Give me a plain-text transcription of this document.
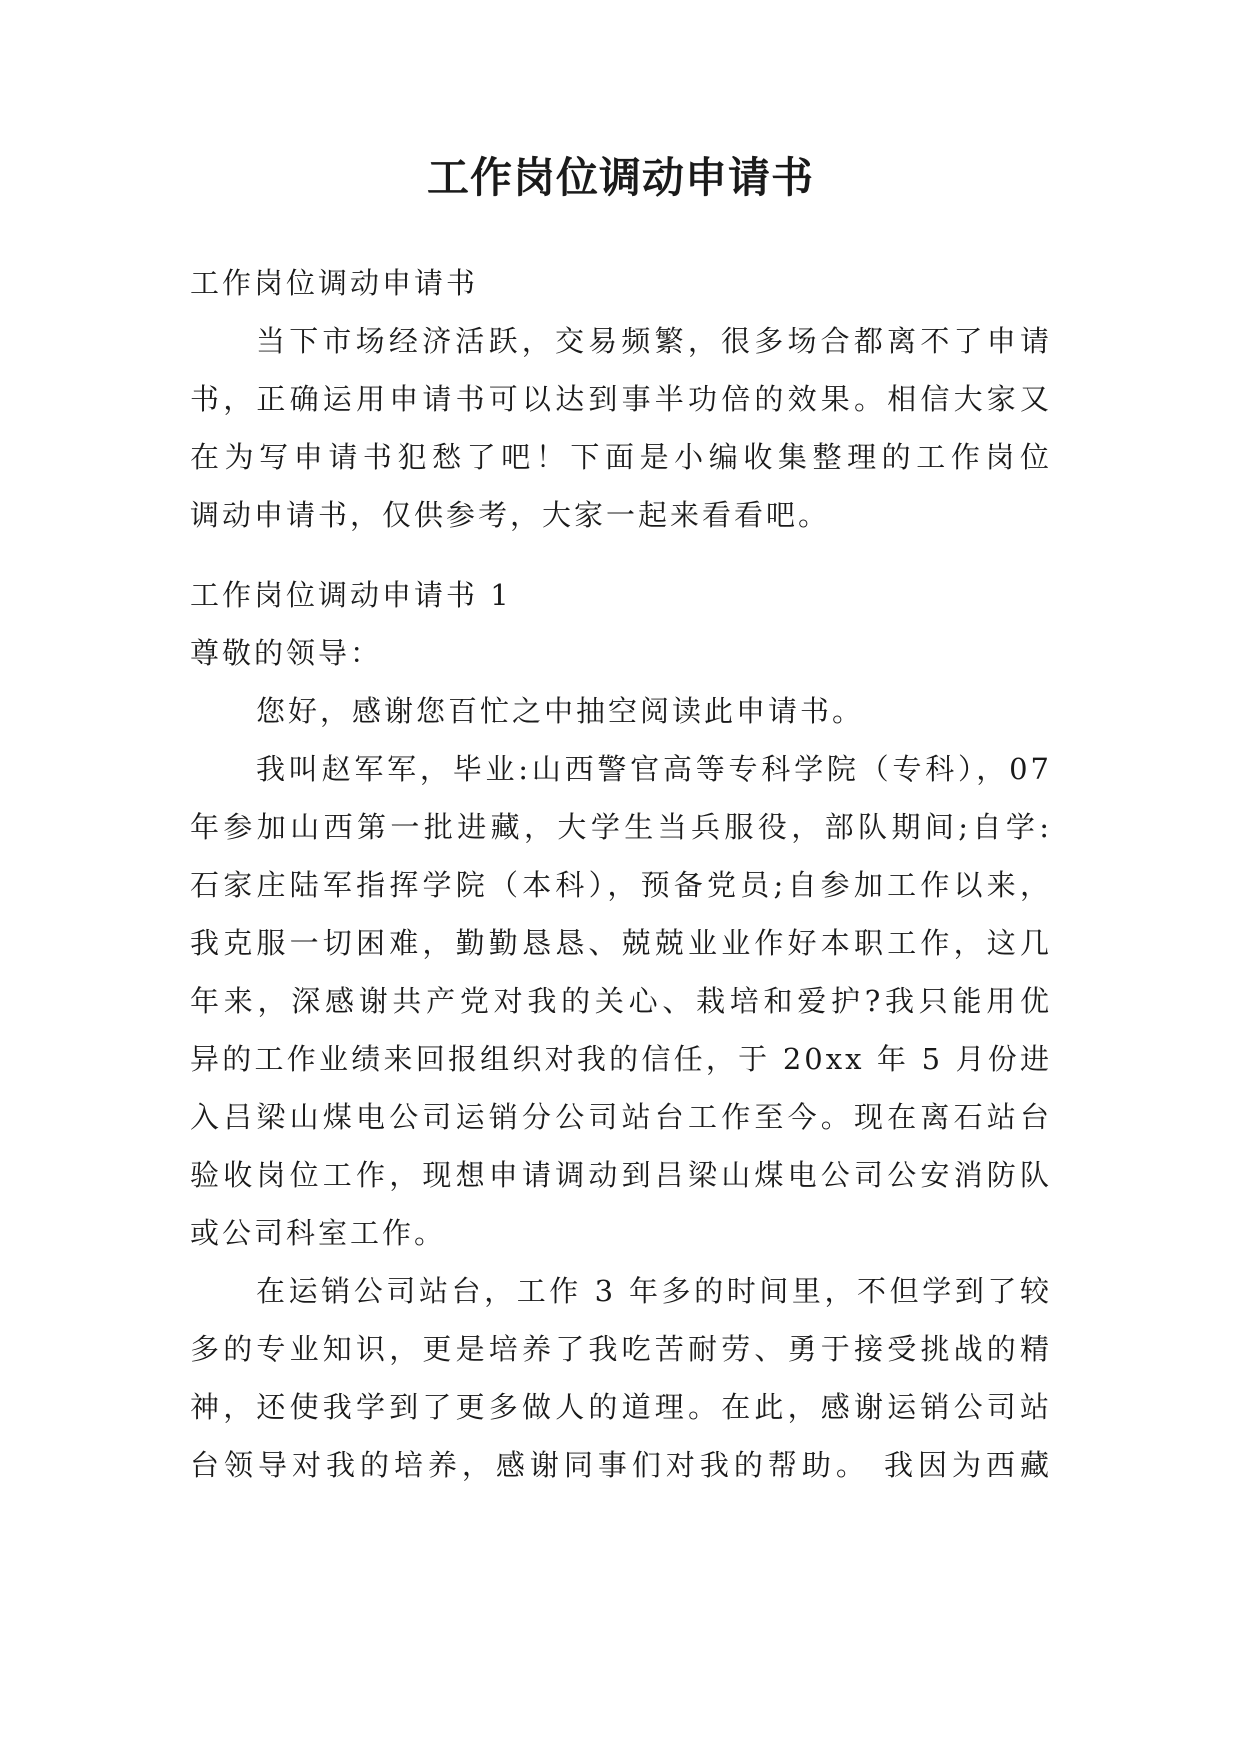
工作岗位调动申请书
工作岗位调动申请书
当下市场经济活跃，交易频繁，很多场合都离不了申请
书，正确运用申请书可以达到事半功倍的效果。相信大家又
在为写申请书犯愁了吧！下面是小编收集整理的工作岗位
调动申请书，仅供参考，大家一起来看看吧。
工作岗位调动申请书 1
尊敬的领导：
您好，感谢您百忙之中抽空阅读此申请书。
我叫赵军军，毕业:山西警官高等专科学院（专科），07
年参加山西第一批进藏，大学生当兵服役，部队期间;自学:
石家庄陆军指挥学院（本科），预备党员;自参加工作以来，
我克服一切困难，勤勤恳恳、兢兢业业作好本职工作，这几
年来，深感谢共产党对我的关心、栽培和爱护?我只能用优
异的工作业绩来回报组织对我的信任，于 20xx 年 5 月份进
入吕梁山煤电公司运销分公司站台工作至今。现在离石站台
验收岗位工作，现想申请调动到吕梁山煤电公司公安消防队
或公司科室工作。
在运销公司站台，工作 3 年多的时间里，不但学到了较
多的专业知识，更是培养了我吃苦耐劳、勇于接受挑战的精
神，还使我学到了更多做人的道理。在此，感谢运销公司站
台领导对我的培养，感谢同事们对我的帮助。 我因为西藏
